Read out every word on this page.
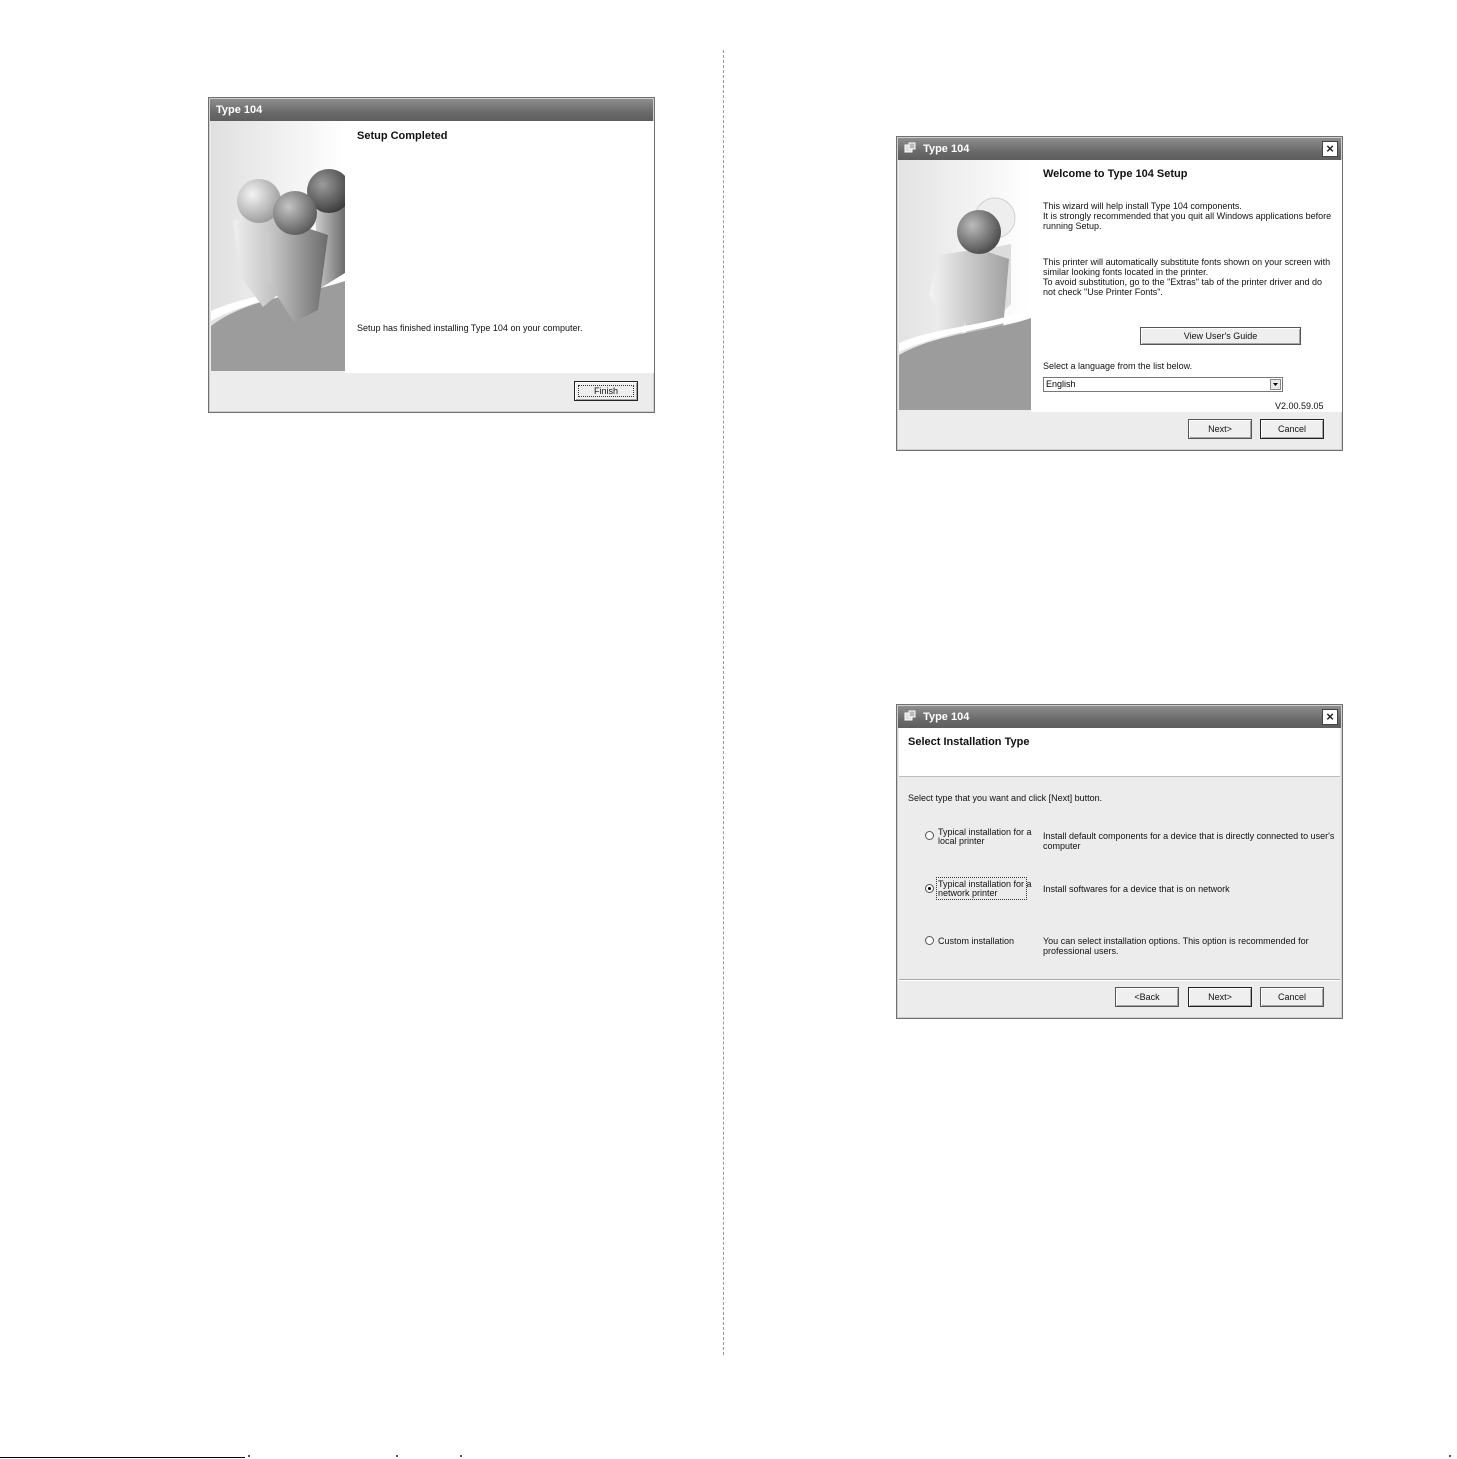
Type 104
Setup Completed
Setup has finished installing Type 104 on your computer.
Finish
Type 104	×
Welcome to Type 104 Setup
This wizard will help install Type 104 components.
It is strongly recommended that you quit all Windows applications before
running Setup.
This printer will automatically substitute fonts shown on your screen with
similar looking fonts located in the printer.
To avoid substitution, go to the "Extras" tab of the printer driver and do
not check "Use Printer Fonts".
View User's Guide
Select a language from the list below.
English
V2.00.59.05
Next>	Cancel
Type 104	×
Select Installation Type
Select type that you want and click [Next] button.
Typical installation for a
local printer	Install default components for a device that is directly connected to user's
computer
Typical installation for a
network printer	Install softwares for a device that is on network
Custom installation	You can select installation options. This option is recommended for
professional users.
<Back	Next>	Cancel
